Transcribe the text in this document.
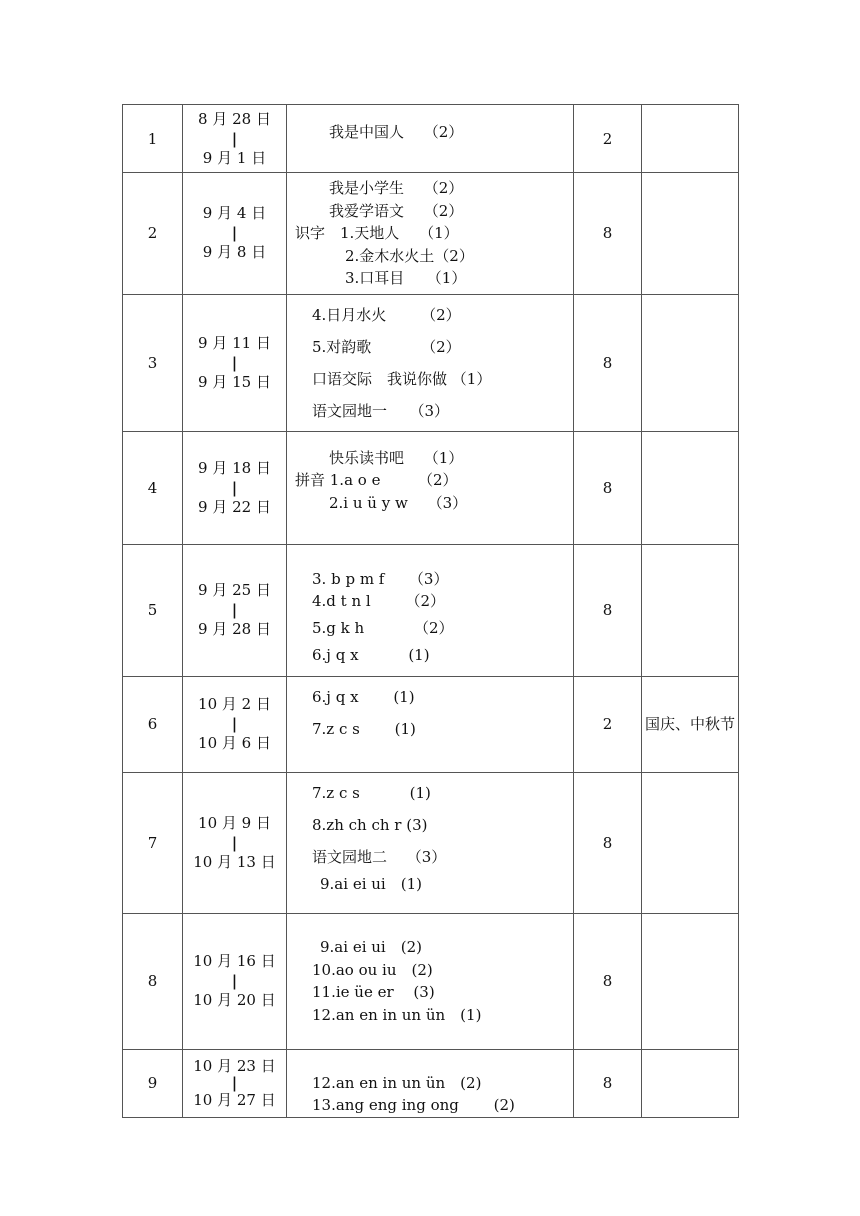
1	8 月 28 日
|
9 月 1 日	我是中国人　 （2）	2	
2	9 月 4 日
|
9 月 8 日	我是小学生　 （2）
我爱学语文　 （2）
识字　1.天地人　 （1）
2.金木水火土（2）
3.口耳目　　（1）	8	
3	9 月 11 日
|
9 月 15 日	4.日月水火　　 （2）
5.对韵歌　　　 （2）
口语交际　我说你做 （1）
语文园地一　　（3）	8	
4	9 月 18 日
|
9 月 22 日	快乐读书吧　 （1）
拼音 1.a o e　　　（2）
2.i u ü y w　 （3）	8	
5	9 月 25 日
|
9 月 28 日	3. b p m f　  （3）
4.d t n l　　 （2）
5.g k h　　　 （2）
6.j q x　　　 (1)	8	
6	10 月 2 日
|
10 月 6 日	6.j q x　　 (1)
7.z c s　　 (1)	2	国庆、中秋节
7	10 月 9 日
|
10 月 13 日	7.z c s　　　 (1)
8.zh ch ch r (3)
语文园地二　 （3）
9.ai ei ui　(1)	8	
8	10 月 16 日
|
10 月 20 日	9.ai ei ui　(2)
10.ao ou iu　(2)
11.ie üe er　 (3)
12.an en in un ün　(1)	8	
9	10 月 23 日
|
10 月 27 日	12.an en in un ün　(2)
13.ang eng ing ong　　 (2)	8	
